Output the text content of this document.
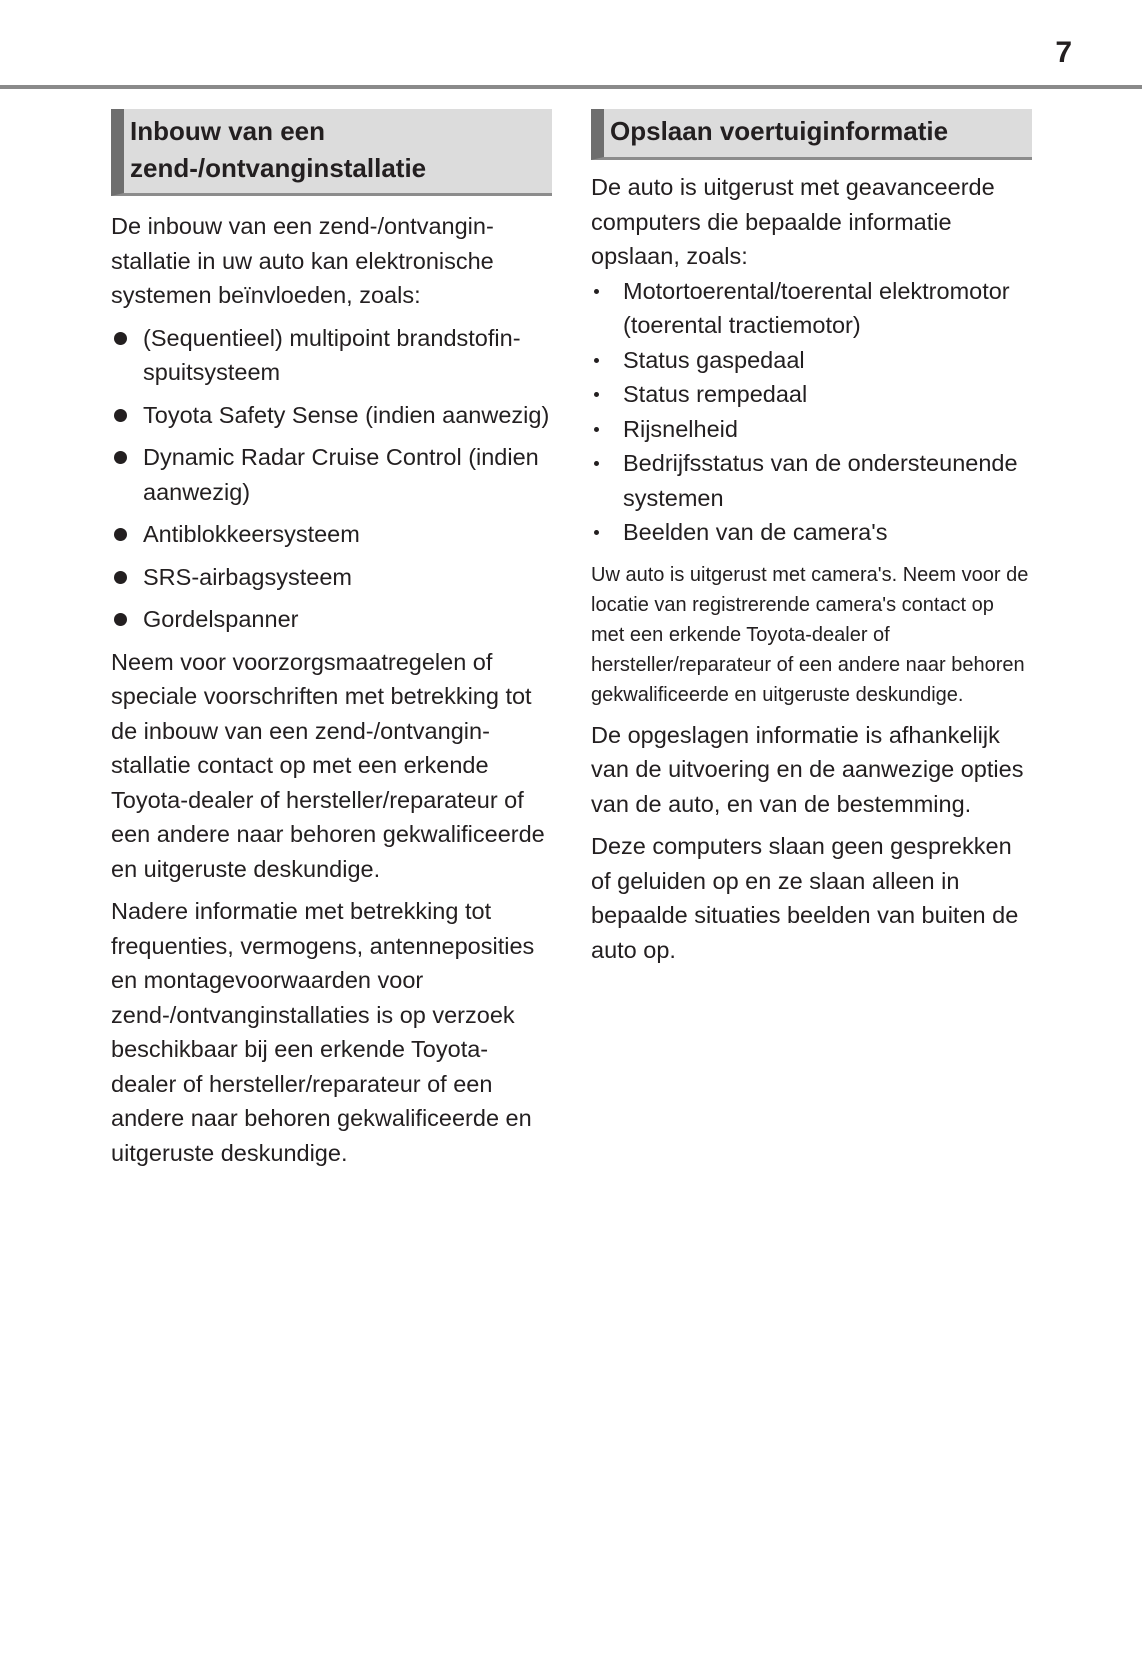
7
Inbouw van een zend-/ontvanginstallatie

De inbouw van een zend-/ontvanginstallatie in uw auto kan elektronische systemen beïnvloeden, zoals:

(Sequentieel) multipoint brandstofinspuitsysteem
Toyota Safety Sense (indien aanwezig)
Dynamic Radar Cruise Control (indien aanwezig)
Antiblokkeersysteem
SRS-airbagsysteem
Gordelspanner

Neem voor voorzorgsmaatregelen of speciale voorschriften met betrekking tot de inbouw van een zend-/ontvanginstallatie contact op met een erkende Toyota-dealer of hersteller/reparateur of een andere naar behoren gekwalificeerde en uitgeruste deskundige.

Nadere informatie met betrekking tot frequenties, vermogens, antenneposities en montagevoorwaarden voor zend-/ontvanginstallaties is op verzoek beschikbaar bij een erkende Toyota-dealer of hersteller/reparateur of een andere naar behoren gekwalificeerde en uitgeruste deskundige.

Opslaan voertuiginformatie

De auto is uitgerust met geavanceerde computers die bepaalde informatie opslaan, zoals:

Motortoerental/toerental elektromotor (toerental tractiemotor)
Status gaspedaal
Status rempedaal
Rijsnelheid
Bedrijfsstatus van de ondersteunende systemen
Beelden van de camera's

Uw auto is uitgerust met camera's. Neem voor de locatie van registrerende camera's contact op met een erkende Toyota-dealer of hersteller/reparateur of een andere naar behoren gekwalificeerde en uitgeruste deskundige.

De opgeslagen informatie is afhankelijk van de uitvoering en de aanwezige opties van de auto, en van de bestemming.

Deze computers slaan geen gesprekken of geluiden op en ze slaan alleen in bepaalde situaties beelden van buiten de auto op.
